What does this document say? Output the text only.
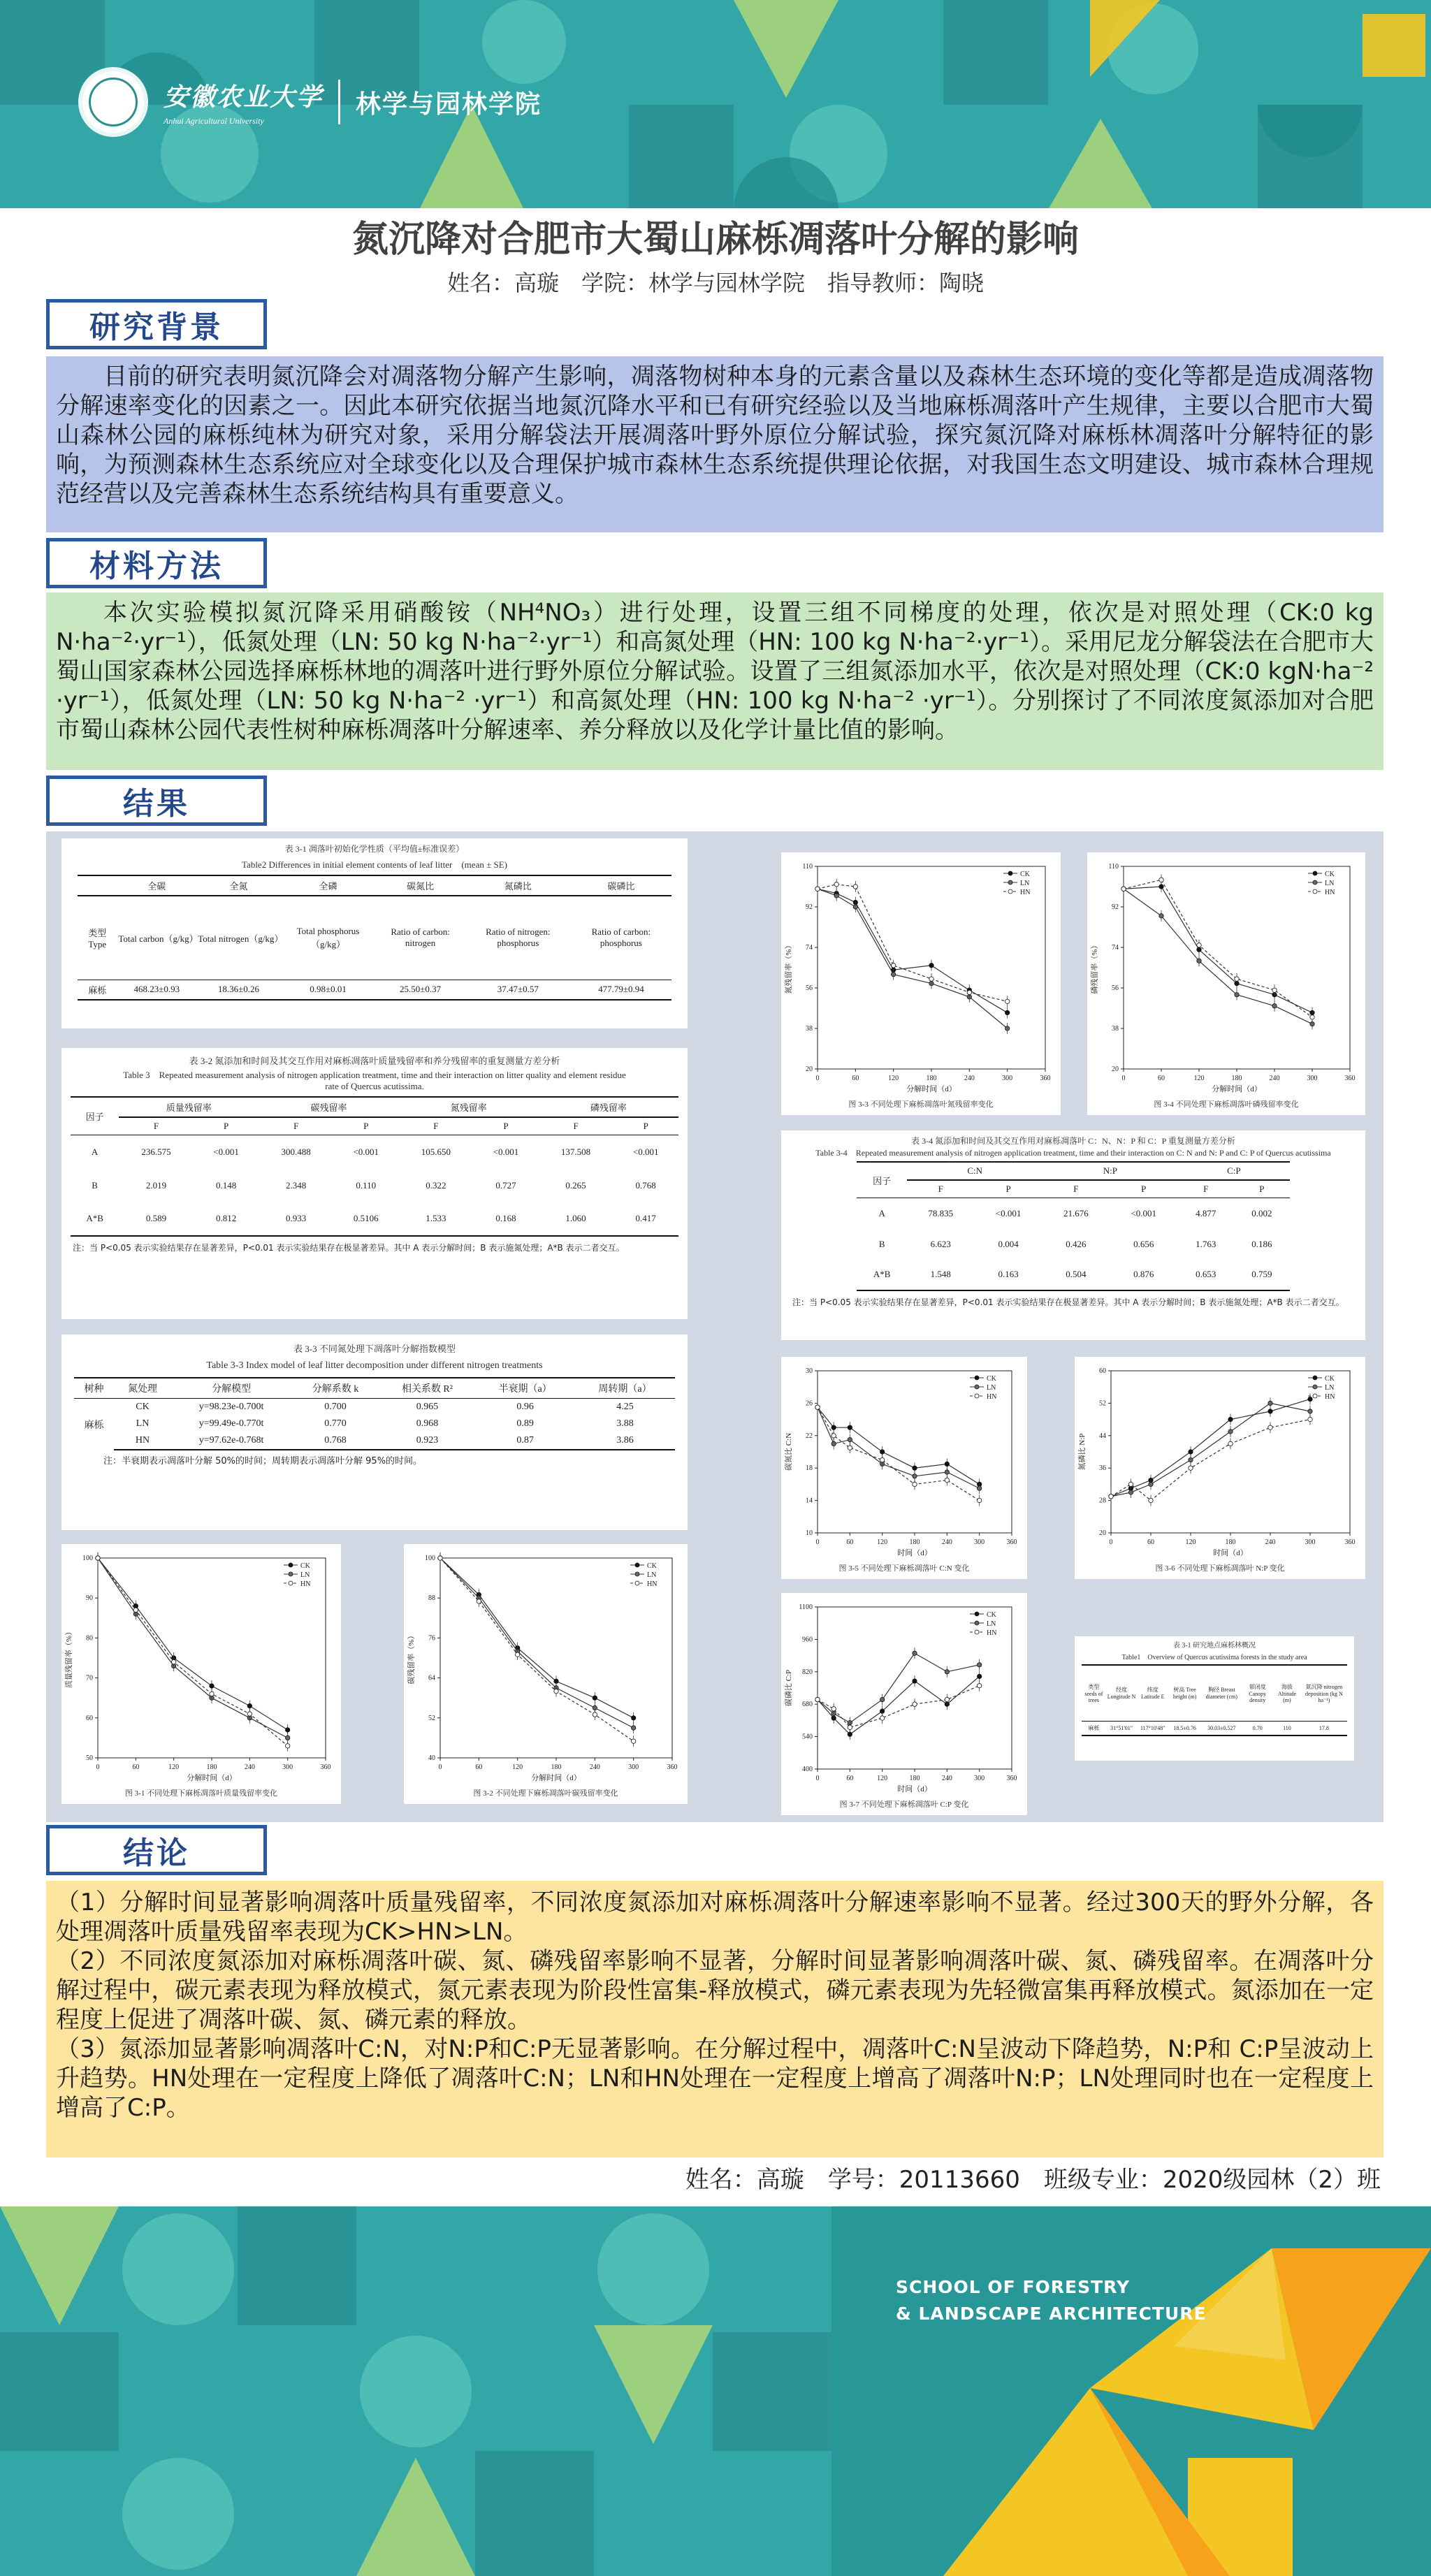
安徽农业大学
Anhui Agricultural University
林学与园林学院
氮沉降对合肥市大蜀山麻栎凋落叶分解的影响
姓名：高璇　学院：林学与园林学院　指导教师：陶晓
研究背景

目前的研究表明氮沉降会对凋落物分解产生影响，凋落物树种本身的元素含量以及森林生态环境的变化等都是造成凋落物分解速率变化的因素之一。因此本研究依据当地氮沉降水平和已有研究经验以及当地麻栎凋落叶产生规律，主要以合肥市大蜀山森林公园的麻栎纯林为研究对象，采用分解袋法开展凋落叶野外原位分解试验，探究氮沉降对麻栎林凋落叶分解特征的影响，为预测森林生态系统应对全球变化以及合理保护城市森林生态系统提供理论依据，对我国生态文明建设、城市森林合理规范经营以及完善森林生态系统结构具有重要意义。

材料方法

本次实验模拟氮沉降采用硝酸铵（NH⁴NO₃）进行处理，设置三组不同梯度的处理，依次是对照处理（CK:0 kg N·ha⁻²·yr⁻¹），低氮处理（LN: 50 kg N·ha⁻²·yr⁻¹）和高氮处理（HN: 100 kg N·ha⁻²·yr⁻¹）。采用尼龙分解袋法在合肥市大蜀山国家森林公园选择麻栎林地的凋落叶进行野外原位分解试验。设置了三组氮添加水平，依次是对照处理（CK:0 kgN·ha⁻² ·yr⁻¹），低氮处理（LN: 50 kg N·ha⁻² ·yr⁻¹）和高氮处理（HN: 100 kg N·ha⁻² ·yr⁻¹）。分别探讨了不同浓度氮添加对合肥市蜀山森林公园代表性树种麻栎凋落叶分解速率、养分释放以及化学计量比值的影响。

结果
表 3-1 凋落叶初始化学性质（平均值±标准误差）
Table2 Differences in initial element contents of leaf litter　(mean ± SE)
	全碳	全氮	全磷	碳氮比	氮磷比	碳磷比
类型 Type	Total carbon（g/kg）	Total nitrogen（g/kg）	Total phosphorus（g/kg）	Ratio of carbon: nitrogen	Ratio of nitrogen: phosphorus	Ratio of carbon: phosphorus
麻栎	468.23±0.93	18.36±0.26	0.98±0.01	25.50±0.37	37.47±0.57	477.79±0.94
表 3-2 氮添加和时间及其交互作用对麻栎凋落叶质量残留率和养分残留率的重复测量方差分析
Table 3　Repeated measurement analysis of nitrogen application treatment, time and their interaction on litter quality and element residue rate of Quercus acutissima.
因子	质量残留率		碳残留率		氮残留率		磷残留率	
	F	P	F	P	F	P	F	P
A	236.575	<0.001	300.488	<0.001	105.650	<0.001	137.508	<0.001
B	2.019	0.148	2.348	0.110	0.322	0.727	0.265	0.768
A*B	0.589	0.812	0.933	0.5106	1.533	0.168	1.060	0.417
注：当 P<0.05 表示实验结果存在显著差异，P<0.01 表示实验结果存在极显著差异。其中 A 表示分解时间；B 表示施氮处理；A*B 表示二者交互。
表 3-3 不同氮处理下凋落叶分解指数模型
Table 3-3 Index model of leaf litter decomposition under different nitrogen treatments
树种	氮处理	分解模型	分解系数 k	相关系数 R²	半衰期（a）	周转期（a）
麻栎	CK	y=98.23e-0.700t	0.700	0.965	0.96	4.25
	LN	y=99.49e-0.770t	0.770	0.968	0.89	3.88
	HN	y=97.62e-0.768t	0.768	0.923	0.87	3.86
注：半衰期表示凋落叶分解 50%的时间；周转期表示凋落叶分解 95%的时间。
表 3-4 氮添加和时间及其交互作用对麻栎凋落叶 C：N、N：P 和 C：P 重复测量方差分析
Table 3-4　Repeated measurement analysis of nitrogen application treatment, time and their interaction on C: N and N: P and C: P of Quercus acutissima
因子	C:N		N:P		C:P	
	F	P	F	P	F	P
A	78.835	<0.001	21.676	<0.001	4.877	0.002
B	6.623	0.004	0.426	0.656	1.763	0.186
A*B	1.548	0.163	0.504	0.876	0.653	0.759
注：当 P<0.05 表示实验结果存在显著差异，P<0.01 表示实验结果存在极显著差异。其中 A 表示分解时间；B 表示施氮处理；A*B 表示二者交互。
表 3-1 研究地点麻栎林概况
Table1　Overview of Quercus acutissima forests in the study area
类型 seeds of trees	经度 Longitude N	纬度 Latitude E	树高 Tree height (m)	胸径 Breast diameter (cm)	郁闭度 Canopy density	海拔 Altitude (m)	氮沉降 nitrogen deposition (kg N ha⁻¹)
麻栎	31°51'01"	117°10'48"	18.5±0.76	30.03±0.527	0.70	110	17.8
0	60	120	180	240	300	360
50
60
70
80
90
100
分解时间（d）
质量残留率（%）
CK
LN
HN
图 3-1 不同处理下麻栎凋落叶质量残留率变化
0	60	120	180	240	300	360
40
52
64
76
88
100
分解时间（d）
碳残留率（%）
CK
LN
HN
图 3-2 不同处理下麻栎凋落叶碳残留率变化
0	60	120	180	240	300	360
20
38
56
74
92
110
分解时间（d）
氮残留率（%）
CK
LN
HN
图 3-3 不同处理下麻栎凋落叶氮残留率变化
0	60	120	180	240	300	360
20
38
56
74
92
110
分解时间（d）
磷残留率（%）
CK
LN
HN
图 3-4 不同处理下麻栎凋落叶磷残留率变化
0	60	120	180	240	300	360
10
14
18
22
26
30
时间（d）
碳氮比 C:N
CK
LN
HN
图 3-5 不同处理下麻栎凋落叶 C:N 变化
0	60	120	180	240	300	360
20
28
36
44
52
60
时间（d）
氮磷比 N:P
CK
LN
HN
图 3-6 不同处理下麻栎凋落叶 N:P 变化
0	60	120	180	240	300	360
400
540
680
820
960
1100
时间（d）
碳磷比 C:P
CK
LN
HN
图 3-7 不同处理下麻栎凋落叶 C:P 变化
结论

（1）分解时间显著影响凋落叶质量残留率，不同浓度氮添加对麻栎凋落叶分解速率影响不显著。经过300天的野外分解，各处理凋落叶质量残留率表现为CK>HN>LN。

（2）不同浓度氮添加对麻栎凋落叶碳、氮、磷残留率影响不显著，分解时间显著影响凋落叶碳、氮、磷残留率。在凋落叶分解过程中，碳元素表现为释放模式，氮元素表现为阶段性富集-释放模式，磷元素表现为先轻微富集再释放模式。氮添加在一定程度上促进了凋落叶碳、氮、磷元素的释放。

（3）氮添加显著影响凋落叶C:N，对N:P和C:P无显著影响。在分解过程中，凋落叶C:N呈波动下降趋势，N:P和 C:P呈波动上升趋势。HN处理在一定程度上降低了凋落叶C:N；LN和HN处理在一定程度上增高了凋落叶N:P；LN处理同时也在一定程度上增高了C:P。

姓名：高璇　学号：20113660　班级专业：2020级园林（2）班
SCHOOL OF FORESTRY
& LANDSCAPE ARCHITECTURE
